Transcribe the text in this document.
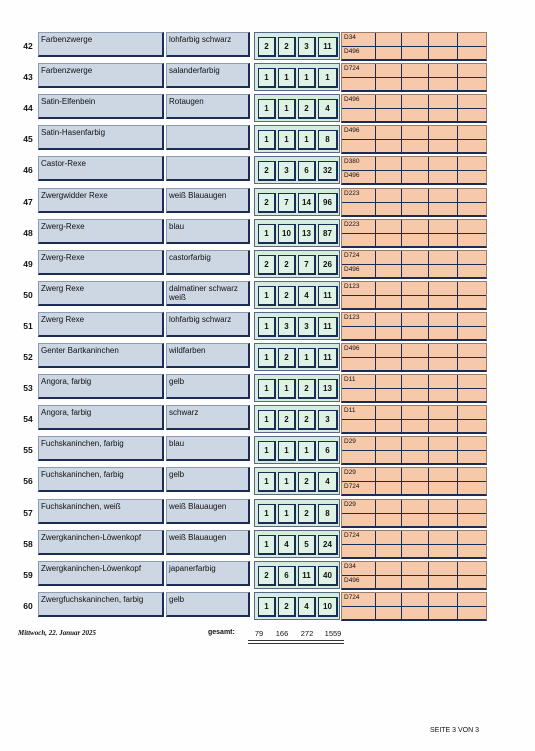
42
Farbenzwerge	lohfarbig schwarz
2	2	3	11
D34
D496
43
Farbenzwerge	salanderfarbig
1	1	1	1
D724
44
Satin-Elfenbein	Rotaugen
1	1	2	4
D496
45
Satin-Hasenfarbig
1	1	1	8
D496
46
Castor-Rexe
2	3	6	32
D380
D496
47
Zwergwidder Rexe	weiß Blauaugen
2	7	14	96
D223
48
Zwerg-Rexe	blau
1	10	13	87
D223
49
Zwerg-Rexe	castorfarbig
2	2	7	26
D724
D496
50
Zwerg Rexe	dalmatiner schwarz weiß	1	2	4	11
D123
51
Zwerg Rexe	lohfarbig schwarz
1	3	3	11
D123
52
Genter Bartkaninchen	wildfarben
1	2	1	11
D496
53
Angora, farbig	gelb
1	1	2	13
D11
54
Angora, farbig	schwarz
1	2	2	3
D11
55
Fuchskaninchen, farbig	blau
1	1	1	6
D29
56
Fuchskaninchen, farbig	gelb
1	1	2	4
D29
D724
57
Fuchskaninchen, weiß	weiß Blauaugen
1	1	2	8
D29
58
Zwergkaninchen-Löwenkopf	weiß Blauaugen
1	4	5	24
D724
59
Zwergkaninchen-Löwenkopf	japanerfarbig
2	6	11	40
D34
D496
60
Zwergfuchskaninchen, farbig	gelb
1	2	4	10
D724
Mittwoch, 22. Januar 2025	gesamt:	79	166	272	1559
SEITE 3 VON 3
